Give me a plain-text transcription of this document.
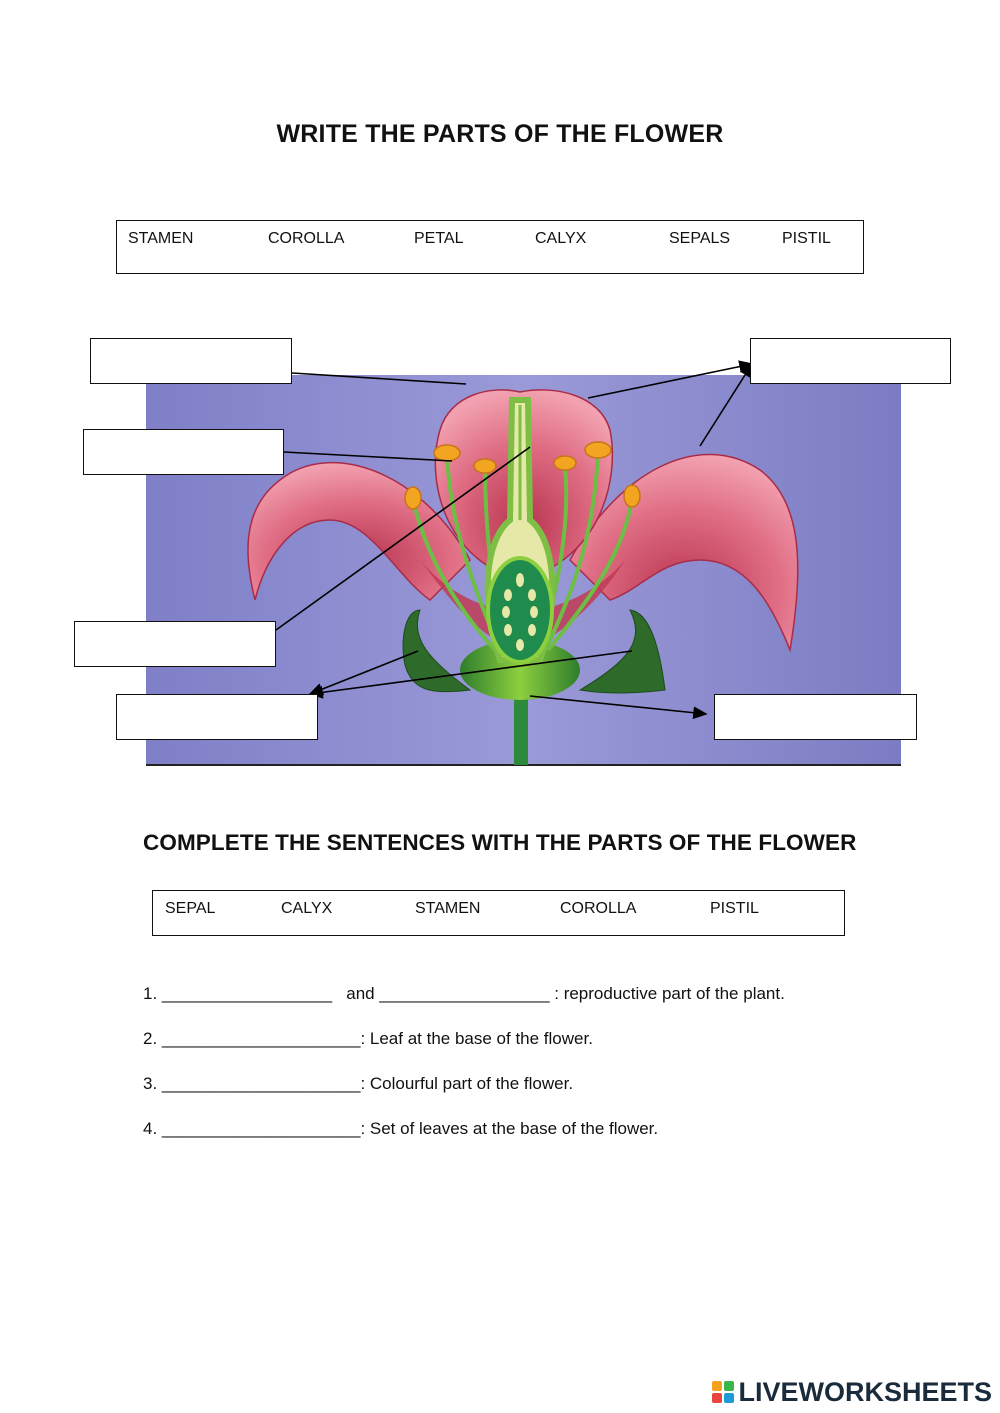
WRITE THE PARTS OF THE FLOWER
STAMEN	COROLLA	PETAL	CALYX	SEPALS	PISTIL
COMPLETE THE SENTENCES WITH THE PARTS OF THE FLOWER
SEPAL	CALYX	STAMEN	COROLLA	PISTIL
1. __________________   and __________________ : reproductive part of the plant.
2. _____________________: Leaf at the base of the flower.
3. _____________________: Colourful part of the flower.
4. _____________________: Set of leaves at the base of the flower.
LIVEWORKSHEETS
